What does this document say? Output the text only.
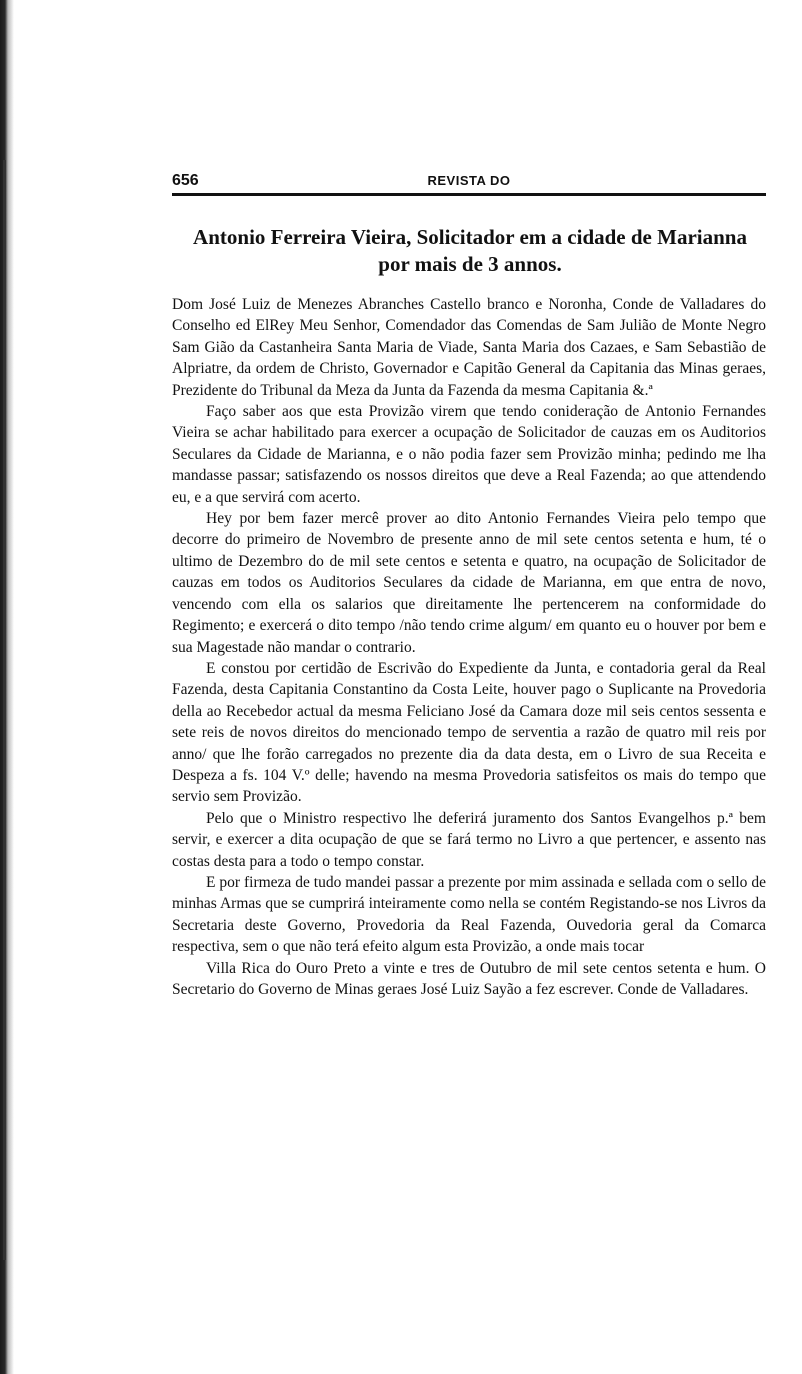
656	REVISTA DO
Antonio Ferreira Vieira, Solicitador em a cidade de Marianna por mais de 3 annos.

Dom José Luiz de Menezes Abranches Castello branco e Noronha, Conde de Valladares do Conselho ed ElRey Meu Senhor, Comendador das Comendas de Sam Julião de Monte Negro Sam Gião da Castanheira Santa Maria de Viade, Santa Maria dos Cazaes, e Sam Sebastião de Alpriatre, da ordem de Christo, Governador e Capitão General da Capitania das Minas geraes, Prezidente do Tribunal da Meza da Junta da Fazenda da mesma Capitania &.ª

Faço saber aos que esta Provizão virem que tendo conideração de Antonio Fernandes Vieira se achar habilitado para exercer a ocupação de Solicitador de cauzas em os Auditorios Seculares da Cidade de Marianna, e o não podia fazer sem Provizão minha; pedindo me lha mandasse passar; satisfazendo os nossos direitos que deve a Real Fazenda; ao que attendendo eu, e a que servirá com acerto.

Hey por bem fazer mercê prover ao dito Antonio Fernandes Vieira pelo tempo que decorre do primeiro de Novembro de presente anno de mil sete centos setenta e hum, té o ultimo de Dezembro do de mil sete centos e setenta e quatro, na ocupação de Solicitador de cauzas em todos os Auditorios Seculares da cidade de Marianna, em que entra de novo, vencendo com ella os salarios que direitamente lhe pertencerem na conformidade do Regimento; e exercerá o dito tempo /não tendo crime algum/ em quanto eu o houver por bem e sua Magestade não mandar o contrario.

E constou por certidão de Escrivão do Expediente da Junta, e contadoria geral da Real Fazenda, desta Capitania Constantino da Costa Leite, houver pago o Suplicante na Provedoria della ao Recebedor actual da mesma Feliciano José da Camara doze mil seis centos sessenta e sete reis de novos direitos do mencionado tempo de serventia a razão de quatro mil reis por anno/ que lhe forão carregados no prezente dia da data desta, em o Livro de sua Receita e Despeza a fs. 104 V.º delle; havendo na mesma Provedoria satisfeitos os mais do tempo que servio sem Provizão.

Pelo que o Ministro respectivo lhe deferirá juramento dos Santos Evangelhos p.ª bem servir, e exercer a dita ocupação de que se fará termo no Livro a que pertencer, e assento nas costas desta para a todo o tempo constar.

E por firmeza de tudo mandei passar a prezente por mim assinada e sellada com o sello de minhas Armas que se cumprirá inteiramente como nella se contém Registando-se nos Livros da Secretaria deste Governo, Provedoria da Real Fazenda, Ouvedoria geral da Comarca respectiva, sem o que não terá efeito algum esta Provizão, a onde mais tocar

Villa Rica do Ouro Preto a vinte e tres de Outubro de mil sete centos setenta e hum. O Secretario do Governo de Minas geraes José Luiz Sayão a fez escrever. Conde de Valladares.
